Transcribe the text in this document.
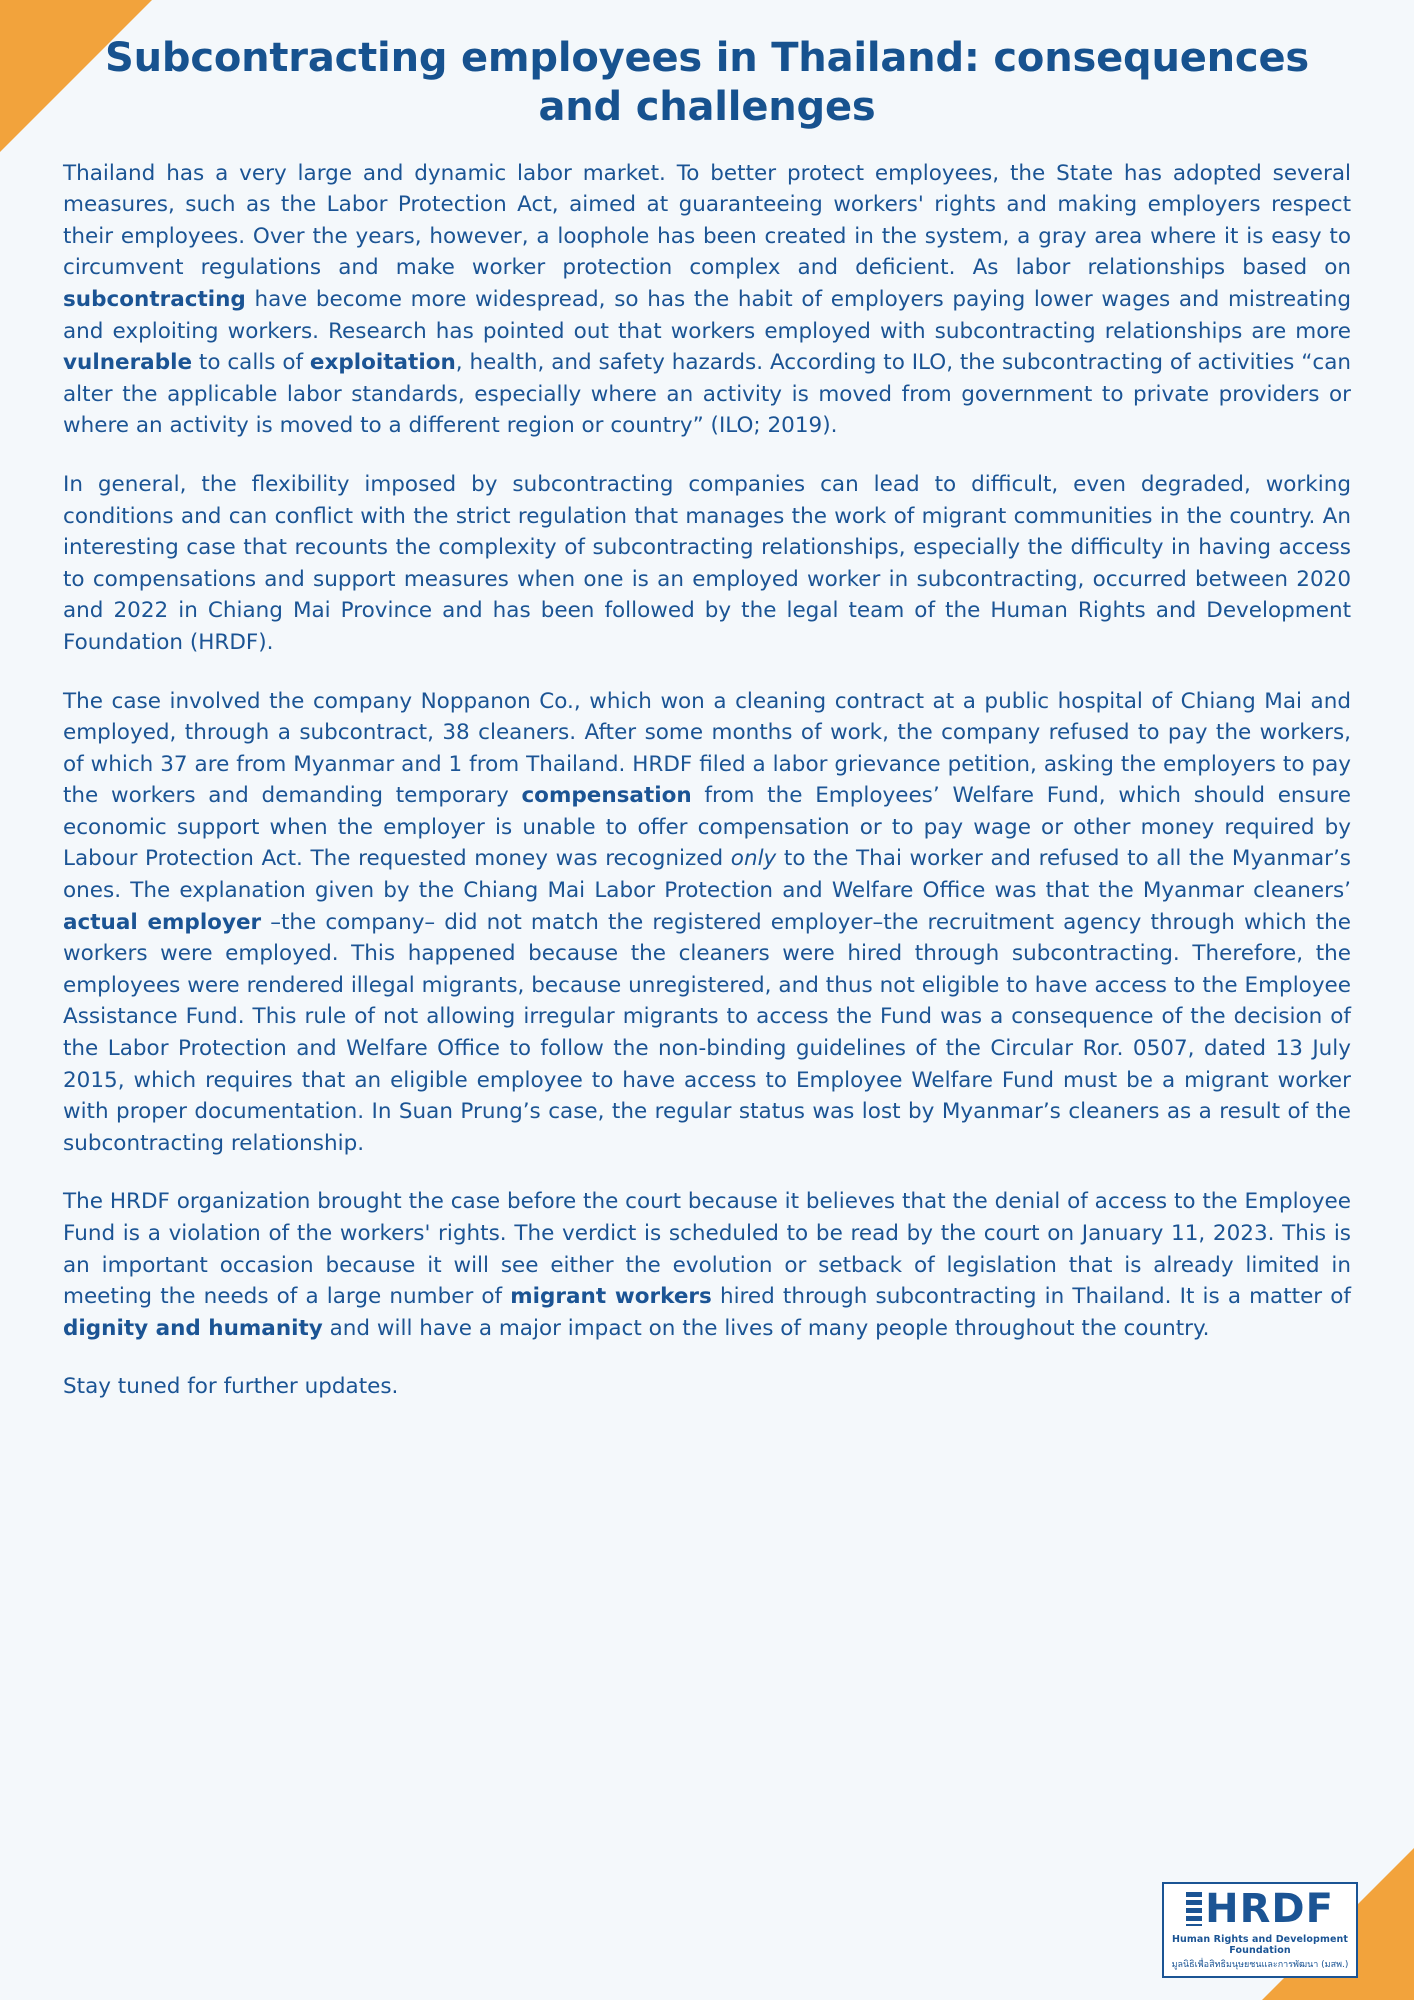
Subcontracting employees in Thailand: consequences and challenges

Thailand has a very large and dynamic labor market. To better protect employees, the State has adopted several measures, such as the Labor Protection Act, aimed at guaranteeing workers' rights and making employers respect their employees. Over the years, however, a loophole has been created in the system, a gray area where it is easy to circumvent regulations and make worker protection complex and deficient. As labor relationships based on subcontracting have become more widespread, so has the habit of employers paying lower wages and mistreating and exploiting workers. Research has pointed out that workers employed with subcontracting relationships are more vulnerable to calls of exploitation, health, and safety hazards. According to ILO, the subcontracting of activities “can alter the applicable labor standards, especially where an activity is moved from government to private providers or where an activity is moved to a different region or country” (ILO; 2019).

In general, the flexibility imposed by subcontracting companies can lead to difficult, even degraded, working conditions and can conflict with the strict regulation that manages the work of migrant communities in the country. An interesting case that recounts the complexity of subcontracting relationships, especially the difficulty in having access to compensations and support measures when one is an employed worker in subcontracting, occurred between 2020 and 2022 in Chiang Mai Province and has been followed by the legal team of the Human Rights and Development Foundation (HRDF).

The case involved the company Noppanon Co., which won a cleaning contract at a public hospital of Chiang Mai and employed, through a subcontract, 38 cleaners. After some months of work, the company refused to pay the workers, of which 37 are from Myanmar and 1 from Thailand. HRDF filed a labor grievance petition, asking the employers to pay the workers and demanding temporary compensation from the Employees’ Welfare Fund, which should ensure economic support when the employer is unable to offer compensation or to pay wage or other money required by Labour Protection Act. The requested money was recognized only to the Thai worker and refused to all the Myanmar’s ones. The explanation given by the Chiang Mai Labor Protection and Welfare Office was that the Myanmar cleaners’ actual employer –the company– did not match the registered employer–the recruitment agency through which the workers were employed. This happened because the cleaners were hired through subcontracting. Therefore, the employees were rendered illegal migrants, because unregistered, and thus not eligible to have access to the Employee Assistance Fund. This rule of not allowing irregular migrants to access the Fund was a consequence of the decision of the Labor Protection and Welfare Office to follow the non-binding guidelines of the Circular Ror. 0507, dated 13 July 2015, which requires that an eligible employee to have access to Employee Welfare Fund must be a migrant worker with proper documentation. In Suan Prung’s case, the regular status was lost by Myanmar’s cleaners as a result of the subcontracting relationship.

The HRDF organization brought the case before the court because it believes that the denial of access to the Employee Fund is a violation of the workers' rights. The verdict is scheduled to be read by the court on January 11, 2023. This is an important occasion because it will see either the evolution or setback of legislation that is already limited in meeting the needs of a large number of migrant workers hired through subcontracting in Thailand. It is a matter of dignity and humanity and will have a major impact on the lives of many people throughout the country.

Stay tuned for further updates.

HRDF
Human Rights and Development Foundation
มูลนิธิเพื่อสิทธิมนุษยชนและการพัฒนา (มสพ.)
